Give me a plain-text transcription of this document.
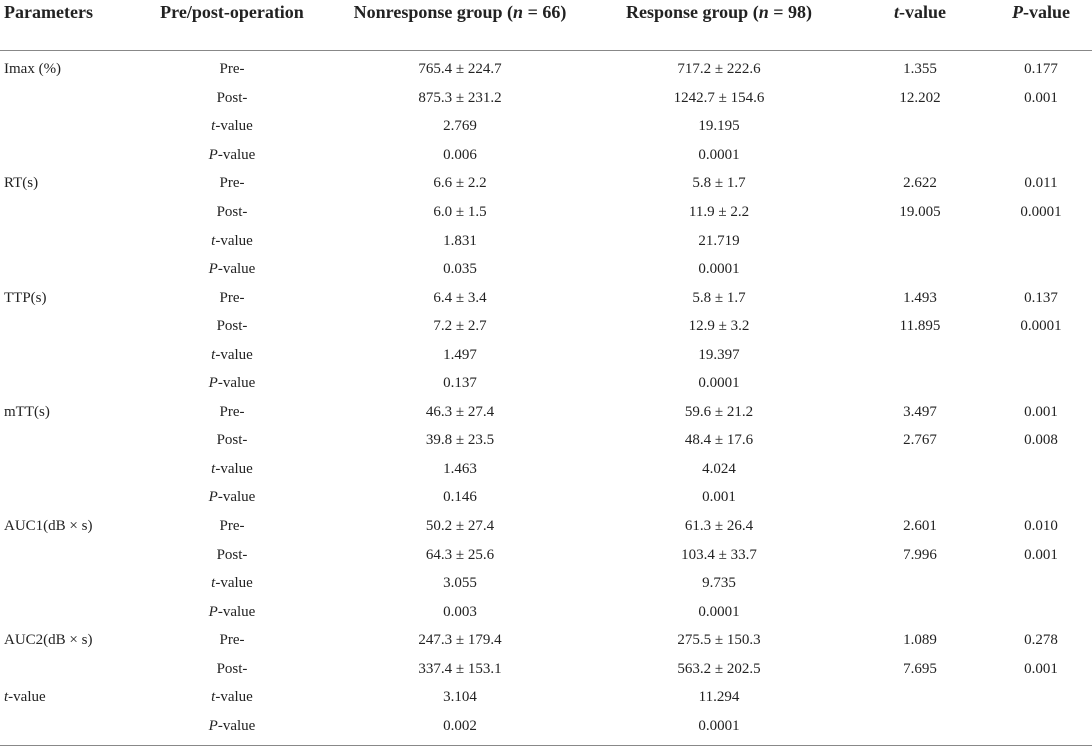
Parameters	Pre/post-operation	Nonresponse group (n = 66)	Response group (n = 98)	t-value	P-value
Imax (%)	Pre-	765.4 ± 224.7	717.2 ± 222.6	1.355	0.177
	Post-	875.3 ± 231.2	1242.7 ± 154.6	12.202	0.001
	t-value	2.769	19.195		
	P-value	0.006	0.0001		
RT(s)	Pre-	6.6 ± 2.2	5.8 ± 1.7	2.622	0.011
	Post-	6.0 ± 1.5	11.9 ± 2.2	19.005	0.0001
	t-value	1.831	21.719		
	P-value	0.035	0.0001		
TTP(s)	Pre-	6.4 ± 3.4	5.8 ± 1.7	1.493	0.137
	Post-	7.2 ± 2.7	12.9 ± 3.2	11.895	0.0001
	t-value	1.497	19.397		
	P-value	0.137	0.0001		
mTT(s)	Pre-	46.3 ± 27.4	59.6 ± 21.2	3.497	0.001
	Post-	39.8 ± 23.5	48.4 ± 17.6	2.767	0.008
	t-value	1.463	4.024		
	P-value	0.146	0.001		
AUC1(dB × s)	Pre-	50.2 ± 27.4	61.3 ± 26.4	2.601	0.010
	Post-	64.3 ± 25.6	103.4 ± 33.7	7.996	0.001
	t-value	3.055	9.735		
	P-value	0.003	0.0001		
AUC2(dB × s)	Pre-	247.3 ± 179.4	275.5 ± 150.3	1.089	0.278
	Post-	337.4 ± 153.1	563.2 ± 202.5	7.695	0.001
t-value	t-value	3.104	11.294		
	P-value	0.002	0.0001		
